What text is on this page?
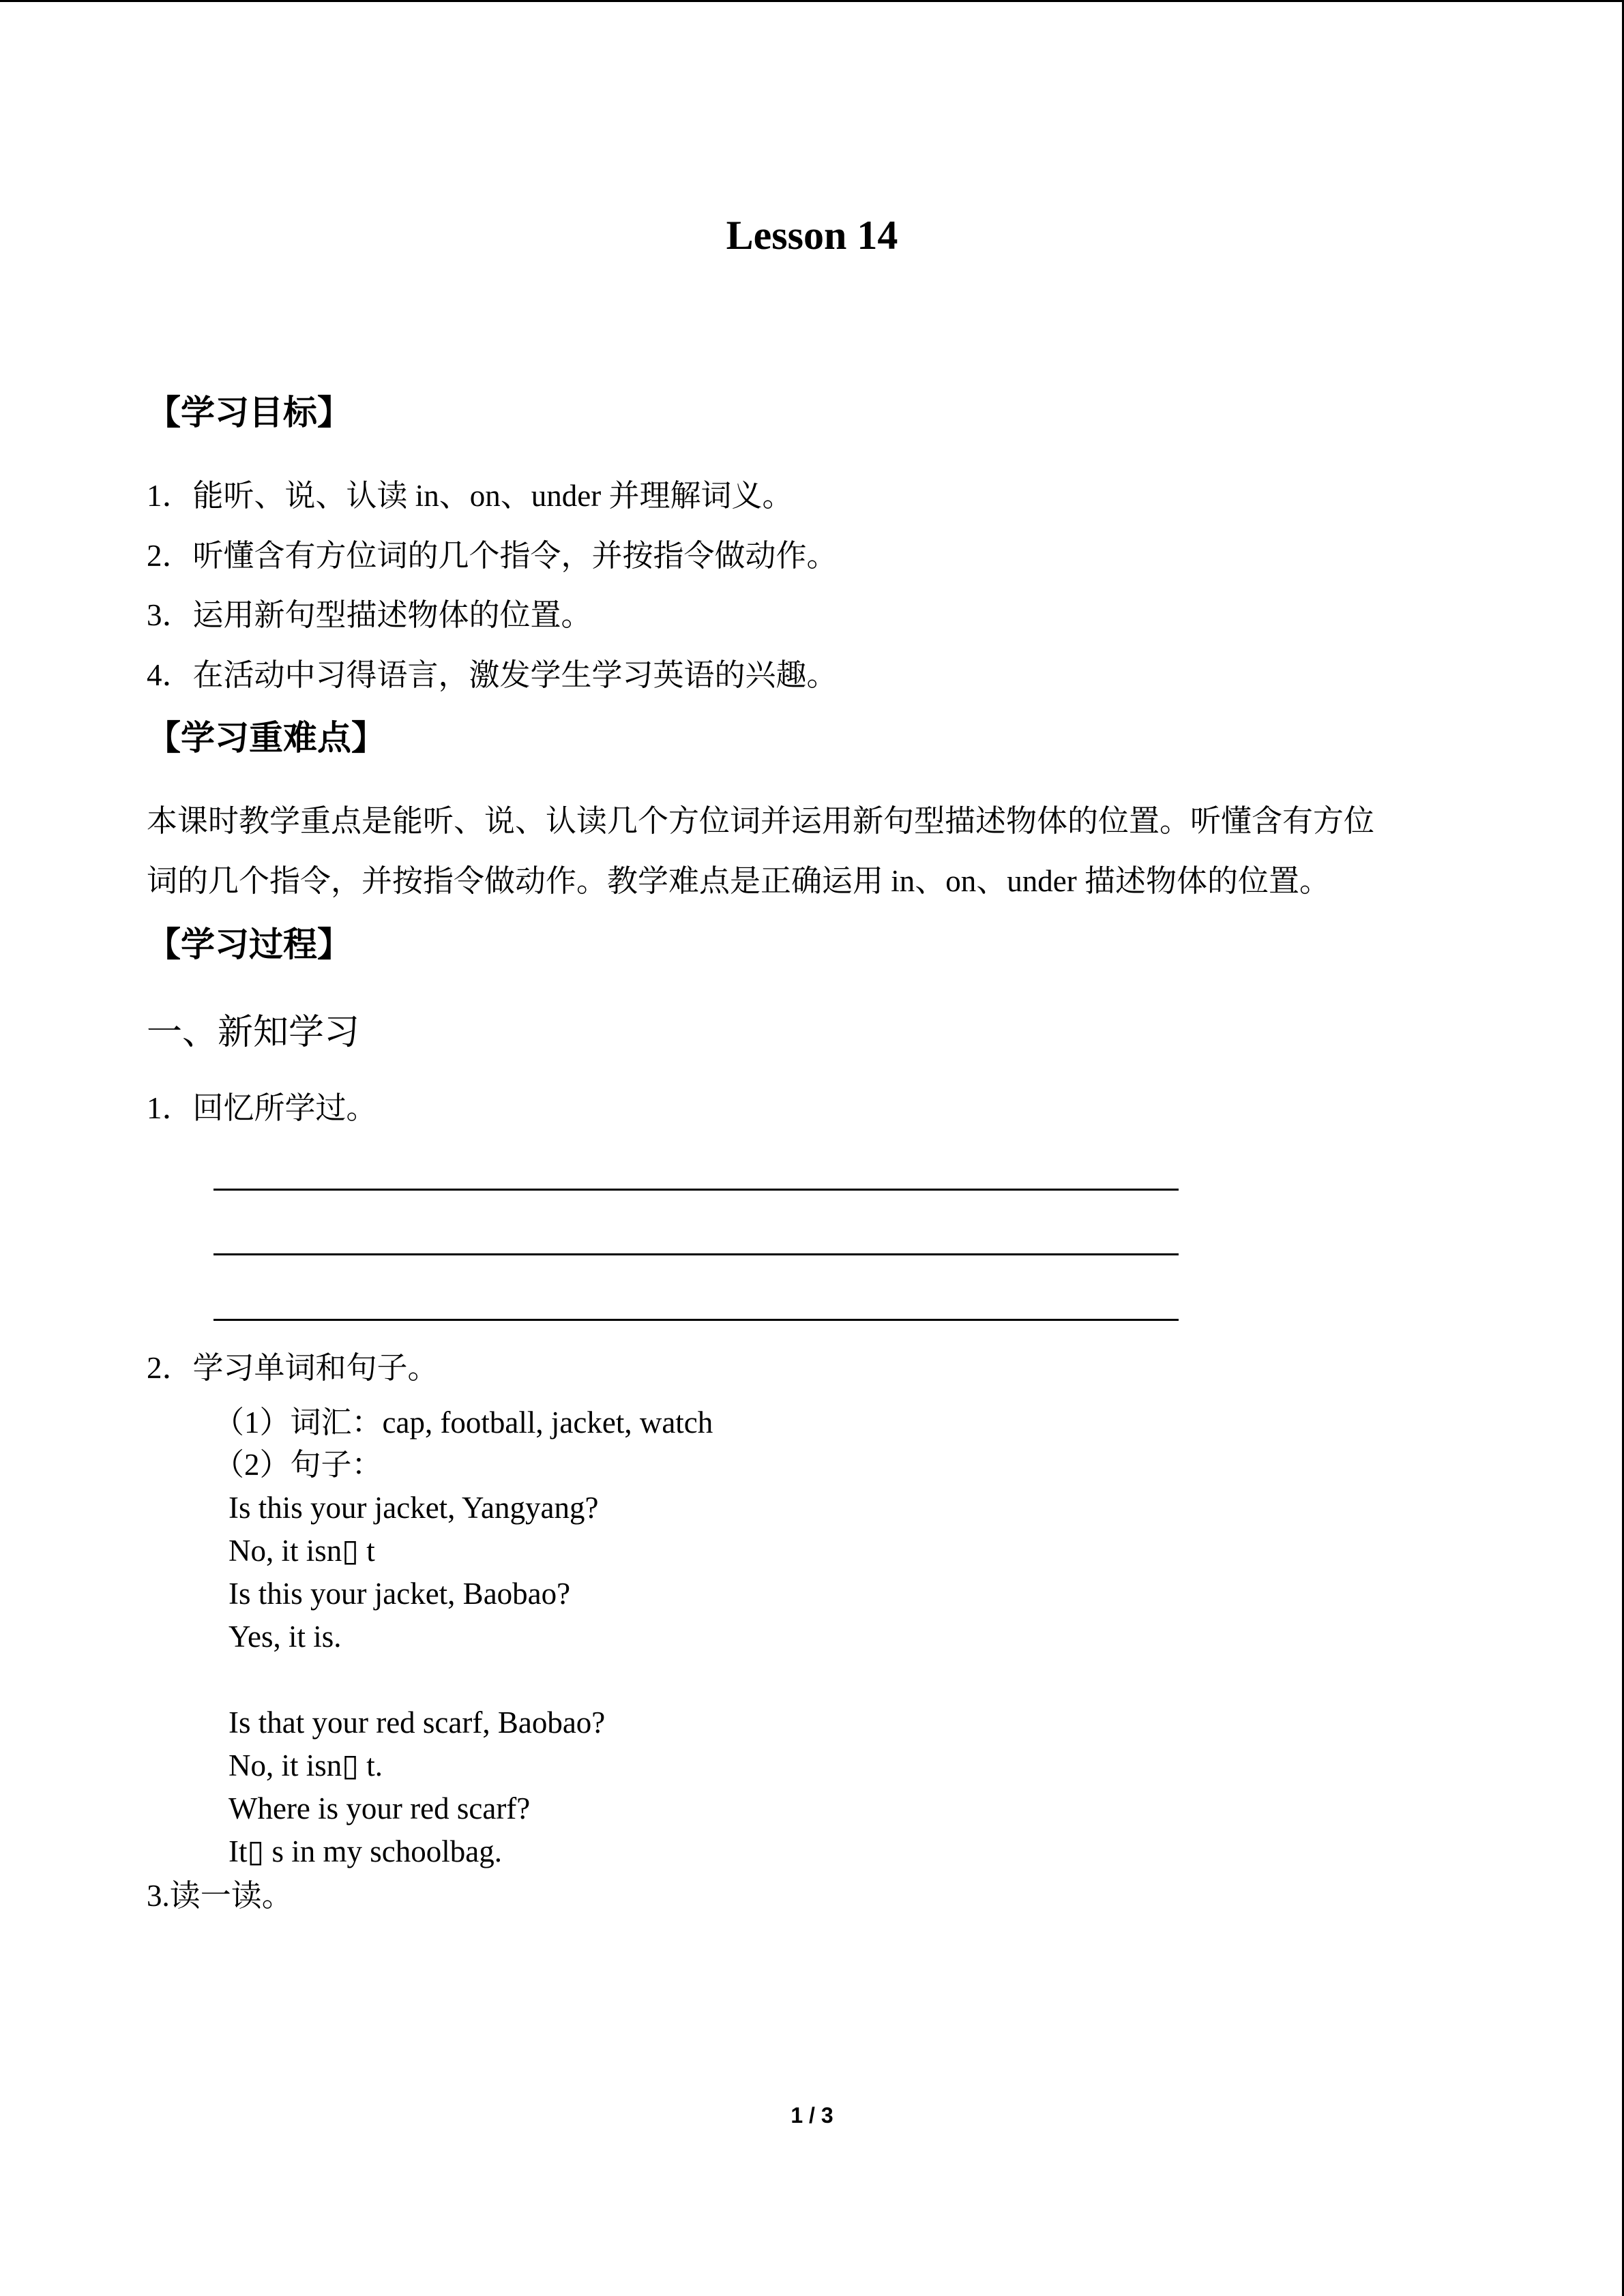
Lesson 14
【学习目标】
1．能听、说、认读 in、on、under 并理解词义。
2．听懂含有方位词的几个指令，并按指令做动作。
3．运用新句型描述物体的位置。
4．在活动中习得语言，激发学生学习英语的兴趣。
【学习重难点】

本课时教学重点是能听、说、认读几个方位词并运用新句型描述物体的位置。听懂含有方位

词的几个指令，并按指令做动作。教学难点是正确运用 in、on、under 描述物体的位置。

【学习过程】
一、新知学习
1．回忆所学过。
2．学习单词和句子。
（1）词汇：cap, football, jacket, watch
（2）句子：
Is this your jacket, Yangyang?
No, it isn▯ t
Is this your jacket, Baobao?
Yes, it is.
Is that your red scarf, Baobao?
No, it isn▯ t.
Where is your red scarf?
It▯ s in my schoolbag.
3.读一读。
1 / 3
